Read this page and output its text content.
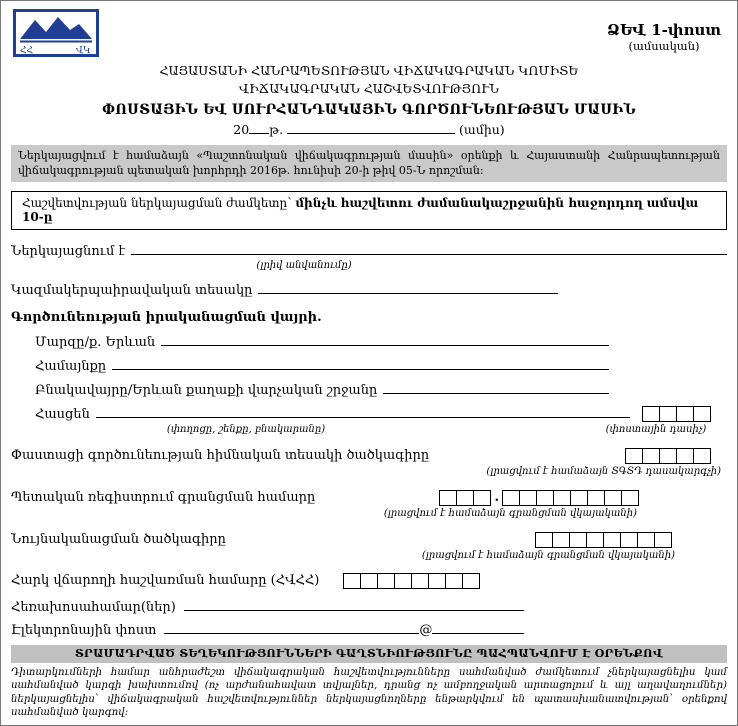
ՀՀ	ՎԿ
ՁԵՎ 1-փոստ
(ամսական)
ՀԱՅԱՍՏԱՆԻ ՀԱՆՐԱՊԵՏՈՒԹՅԱՆ ՎԻՃԱԿԱԳՐԱԿԱՆ ԿՈՄԻՏԵ
ՎԻՃԱԿԱԳՐԱԿԱՆ ՀԱՇՎԵՏՎՈՒԹՅՈՒՆ
ՓՈՍՏԱՅԻՆ ԵՎ ՍՈՒՐՀԱՆԴԱԿԱՅԻՆ ԳՈՐԾՈՒՆԵՈՒԹՅԱՆ ՄԱՍԻՆ
20 թ.	(ամիս)
Ներկայացվում է համաձայն «Պաշտոնական վիճակագրության մասին» օրենքի և Հայաստանի Հանրապետության վիճակագրության պետական խորհրդի 2016թ. հունիսի 20-ի թիվ 05-Ն որոշման:
Հաշվետվության ներկայացման ժամկետը՝ մինչև հաշվետու ժամանակաշրջանին հաջորդող ամսվա 10-ը
Ներկայացնում է
(լրիվ անվանումը)
Կազմակերպաիրավական տեսակը
Գործունեության իրականացման վայրի.
Մարզը/ք. Երևան
Համայնքը
Բնակավայրը/Երևան քաղաքի վարչական շրջանը
Հասցեն
(փողոցը, շենքը, բնակարանը)	(փոստային դասիչ)
Փաստացի գործունեության հիմնական տեսակի ծածկագիրը
(լրացվում է համաձայն ՏԳՏԴ դասակարգչի)
Պետական ռեգիստրում գրանցման համարը	.
(լրացվում է համաձայն գրանցման վկայականի)
Նույնականացման ծածկագիրը
(լրացվում է համաձայն գրանցման վկայականի)
Հարկ վճարողի հաշվառման համարը (ՀՎՀՀ)
Հեռախոսահամար(ներ)
Էլեկտրոնային փոստ	@
ՏՐԱՄԱԴՐՎԱԾ ՏԵՂԵԿՈՒԹՅՈՒՆՆԵՐԻ ԳԱՂՏՆԻՈՒԹՅՈՒՆԸ ՊԱՀՊԱՆՎՈՒՄ Է ՕՐԵՆՔՈՎ
Դիտարկումների համար անհրաժեշտ վիճակագրական հաշվետվությունները սահմանված ժամկետում չներկայացնելիս կամ սահմանված կարգի խախտումով (ոչ արժանահավատ տվյալներ, դրանց ոչ ամբողջական արտացոլում և այլ աղավաղումներ) ներկայացնելիս՝ վիճակագրական հաշվետվություններ ներկայացնողները ենթարկվում են պատասխանատվության՝ օրենքով սահմանված կարգով:
